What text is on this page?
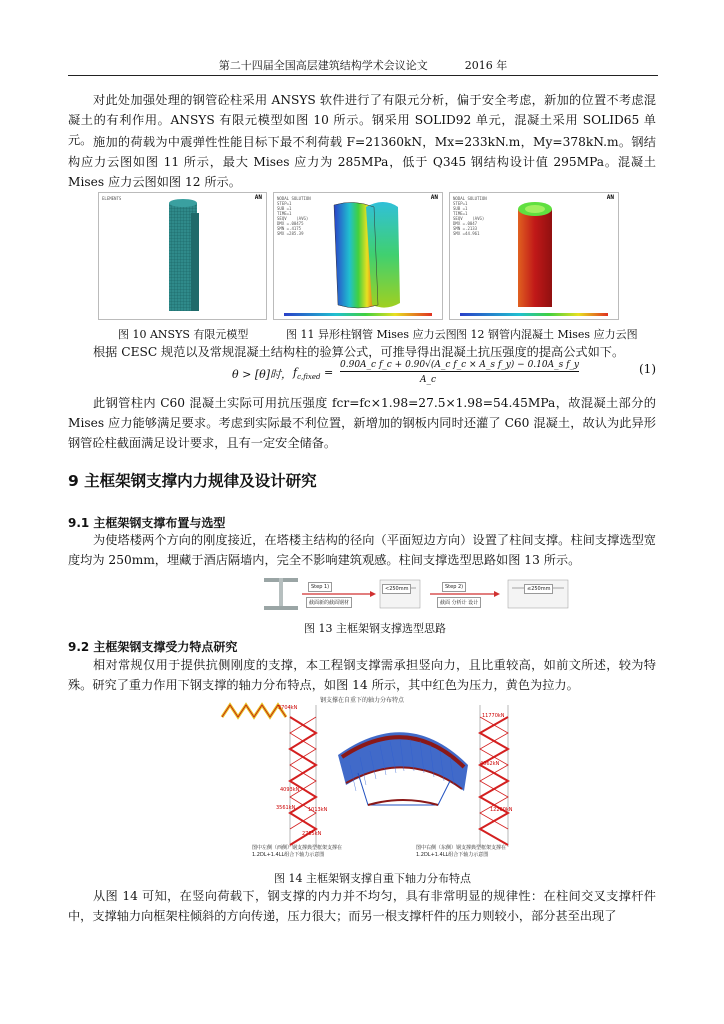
第二十四届全国高层建筑结构学术会议论文	2016 年

对此处加强处理的钢管砼柱采用 ANSYS 软件进行了有限元分析，偏于安全考虑，新加的位置不考虑混凝土的有利作用。ANSYS 有限元模型如图 10 所示。钢采用 SOLID92 单元，混凝土采用 SOLID65 单元。 施加的荷载为中震弹性性能目标下最不利荷载 F=21360kN，Mx=233kN.m，My=378kN.m。钢结构应力云图如图 11 所示，最大 Mises 应力为 285MPa，低于 Q345 钢结构设计值 295MPa。混凝土 Mises 应力云图如图 12 所示。

ELEMENTS	AN	NODAL SOLUTION
STEP=1
SUB =1
TIME=1
SEQV    (AVG)
DMX =.00475
SMN =.4175
SMX =285.39
AN	NODAL SOLUTION
STEP=1
SUB =1
TIME=1
SEQV    (AVG)
DMX =.0047
SMN =.2133
SMX =44.961
AN

图 10 ANSYS 有限元模型	图 11 异形柱钢管 Mises 应力云图 图 12 钢管内混凝土 Mises 应力云图

根据 CESC 规范以及常规混凝土结构柱的验算公式，可推导得出混凝土抗压强度的提高公式如下。

θ > [θ]时， $f_{c,fixed}$ =
0.90A_c f_c + 0.90√(A_c f_c × A_s f_y) − 0.10A_s f_y
A_c
(1)

此钢管柱内 C60 混凝土实际可用抗压强度 fcr=fc×1.98=27.5×1.98=54.45MPa，故混凝土部分的 Mises 应力能够满足要求。考虑到实际最不利位置，新增加的钢板内同时还灌了 C60 混凝土，故认为此异形钢管砼柱截面满足设计要求，且有一定安全储备。

9 主框架钢支撑内力规律及设计研究
9.1 主框架钢支撑布置与选型

为使塔楼两个方向的刚度接近，在塔楼主结构的径向（平面短边方向）设置了柱间支撑。柱间支撑选型宽度均为 250mm，埋藏于酒店隔墙内，完全不影响建筑观感。柱间支撑选型思路如图 13 所示。

Step 1)
截面新的截面钢材
<250mm	Step 2)
截面 分析计 设计
≤250mm

图 13 主框架钢支撑选型思路

9.2 主框架钢支撑受力特点研究

相对常规仅用于提供抗侧刚度的支撑，本工程钢支撑需承担竖向力，且比重较高，如前文所述，较为特殊。研究了重力作用下钢支撑的轴力分布特点，如图 14 所示，其中红色为压力，黄色为拉力。

钢支撑在自重下的轴力分布特点
3704kN
4093kN
3561kN	1013kN
2785kN
11770kN
4062kN
12260kN
图中左侧（西侧）钢支撑典型框架支撑在
1.2DL+1.4LL组合下轴力示意图
图中右侧（东侧）钢支撑典型框架支撑在
1.2DL+1.4LL组合下轴力示意图

图 14 主框架钢支撑自重下轴力分布特点

从图 14 可知，在竖向荷载下，钢支撑的内力并不均匀，具有非常明显的规律性：在柱间交叉支撑杆件中，支撑轴力向框架柱倾斜的方向传递，压力很大；而另一根支撑杆件的压力则较小，部分甚至出现了
